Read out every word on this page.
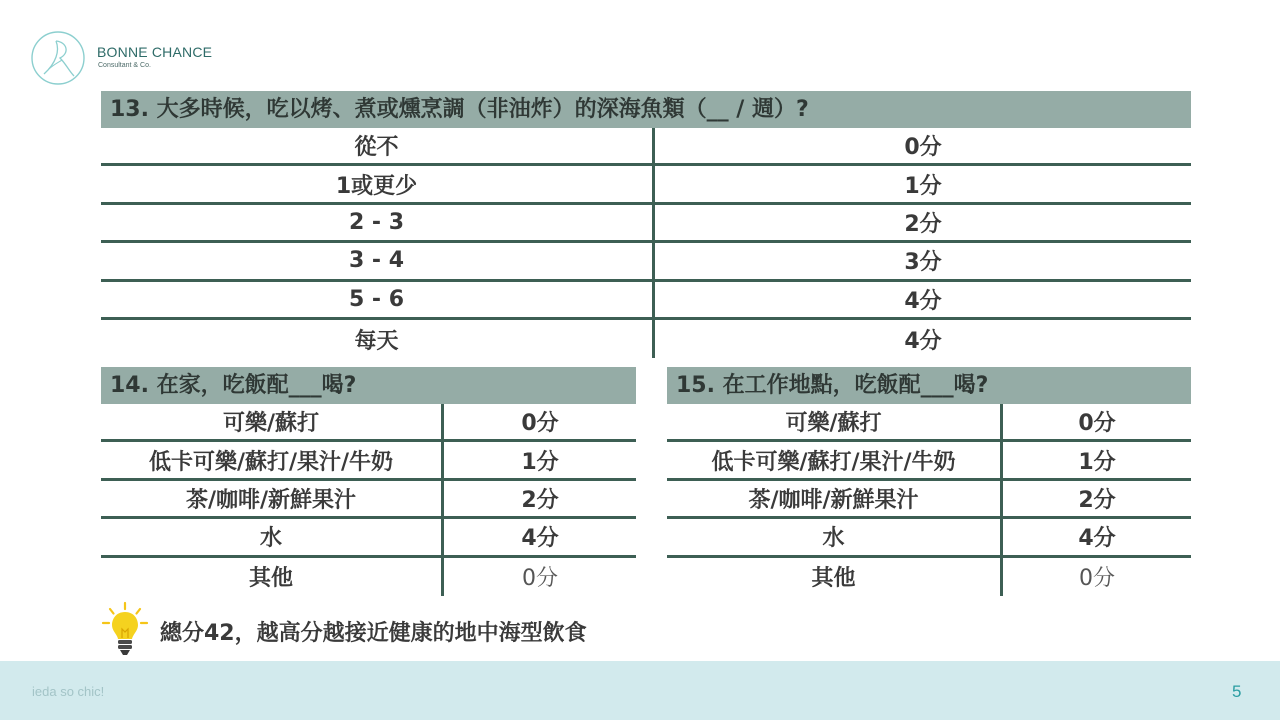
BONNE CHANCE
Consultant & Co.
13. 大多時候，吃以烤、煮或燻烹調（非油炸）的深海魚類（__ / 週）?
從不	0分
1或更少	1分
2 - 3	2分
3 - 4	3分
5 - 6	4分
每天	4分
14. 在家，吃飯配___喝?
可樂/蘇打	0分
低卡可樂/蘇打/果汁/牛奶	1分
茶/咖啡/新鮮果汁	2分
水	4分
其他	0分
15. 在工作地點，吃飯配___喝?
可樂/蘇打	0分
低卡可樂/蘇打/果汁/牛奶	1分
茶/咖啡/新鮮果汁	2分
水	4分
其他	0分
總分42，越高分越接近健康的地中海型飲食
ieda so chic!	5
